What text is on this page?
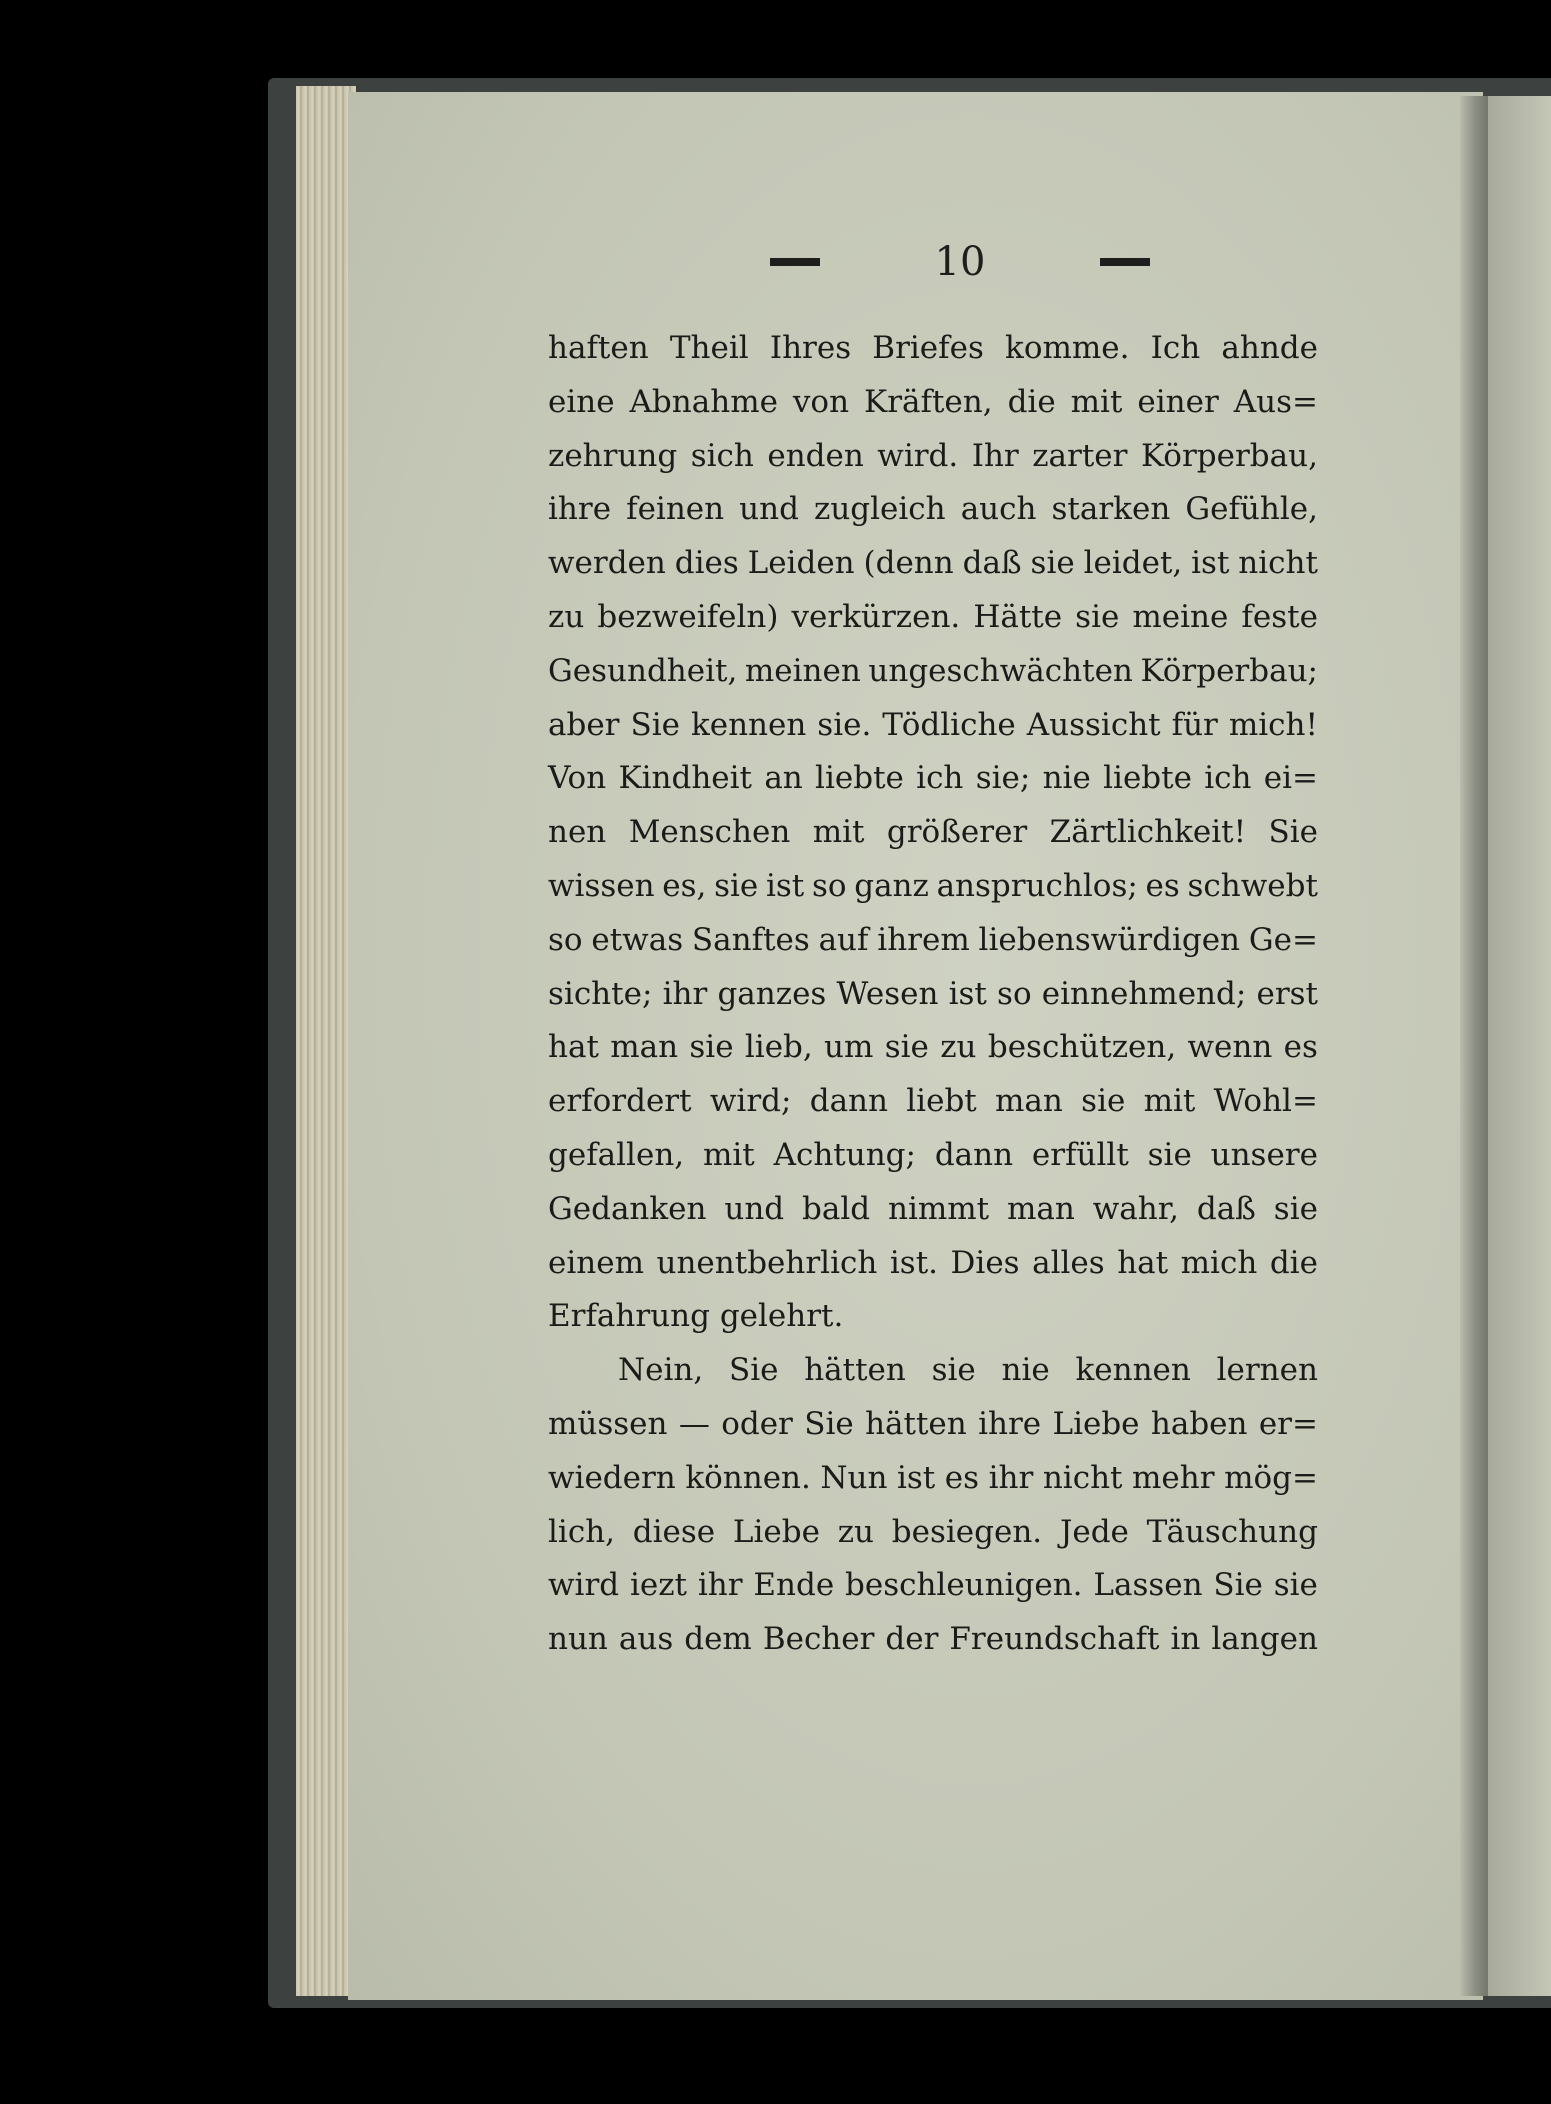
10
haften Theil Ihres Briefes komme. Ich ahnde
eine Abnahme von Kräften, die mit einer Aus=
zehrung sich enden wird. Ihr zarter Körperbau,
ihre feinen und zugleich auch starken Gefühle,
werden dies Leiden (denn daß sie leidet, ist nicht
zu bezweifeln) verkürzen. Hätte sie meine feste
Gesundheit, meinen ungeschwächten Körperbau;
aber Sie kennen sie. Tödliche Aussicht für mich!
Von Kindheit an liebte ich sie; nie liebte ich ei=
nen Menschen mit größerer Zärtlichkeit! Sie
wissen es, sie ist so ganz anspruchlos; es schwebt
so etwas Sanftes auf ihrem liebenswürdigen Ge=
sichte; ihr ganzes Wesen ist so einnehmend; erst
hat man sie lieb, um sie zu beschützen, wenn es
erfordert wird; dann liebt man sie mit Wohl=
gefallen, mit Achtung; dann erfüllt sie unsere
Gedanken und bald nimmt man wahr, daß sie
einem unentbehrlich ist. Dies alles hat mich die
Erfahrung gelehrt.
Nein, Sie hätten sie nie kennen lernen
müssen — oder Sie hätten ihre Liebe haben er=
wiedern können. Nun ist es ihr nicht mehr mög=
lich, diese Liebe zu besiegen. Jede Täuschung
wird iezt ihr Ende beschleunigen. Lassen Sie sie
nun aus dem Becher der Freundschaft in langen
